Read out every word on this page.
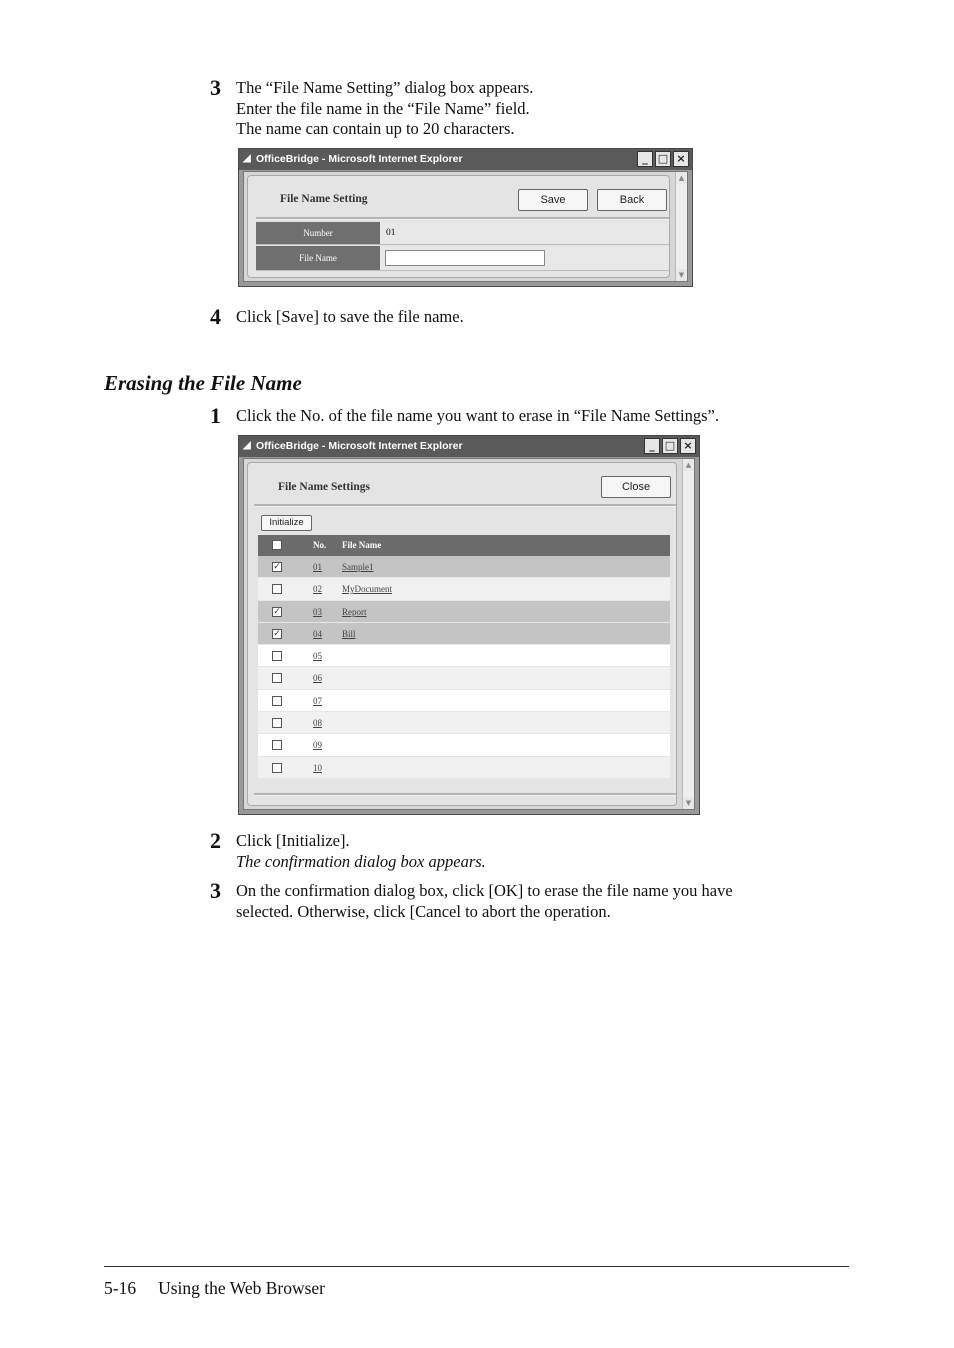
3 The “File Name Setting” dialog box appears.
Enter the file name in the “File Name” field.
The name can contain up to 20 characters.
◢ OfficeBridge - Microsoft Internet Explorer	_ □ ×
File Name Setting	Save	Back
Number	01
File Name
▲
▼
4 Click [Save] to save the file name.
Erasing the File Name
1 Click the No. of the file name you want to erase in “File Name Settings”.
◢ OfficeBridge - Microsoft Internet Explorer	_ □ ×
File Name Settings	Close
Initialize
▲
▼
No. File Name
✓	01 Sample1
02 MyDocument
✓	03 Report
✓	04 Bill
05
06
07
08
09
10
2 Click [Initialize].
The confirmation dialog box appears.
3 On the confirmation dialog box, click [OK] to erase the file name you have
selected. Otherwise, click [Cancel to abort the operation.
5-16 Using the Web Browser
